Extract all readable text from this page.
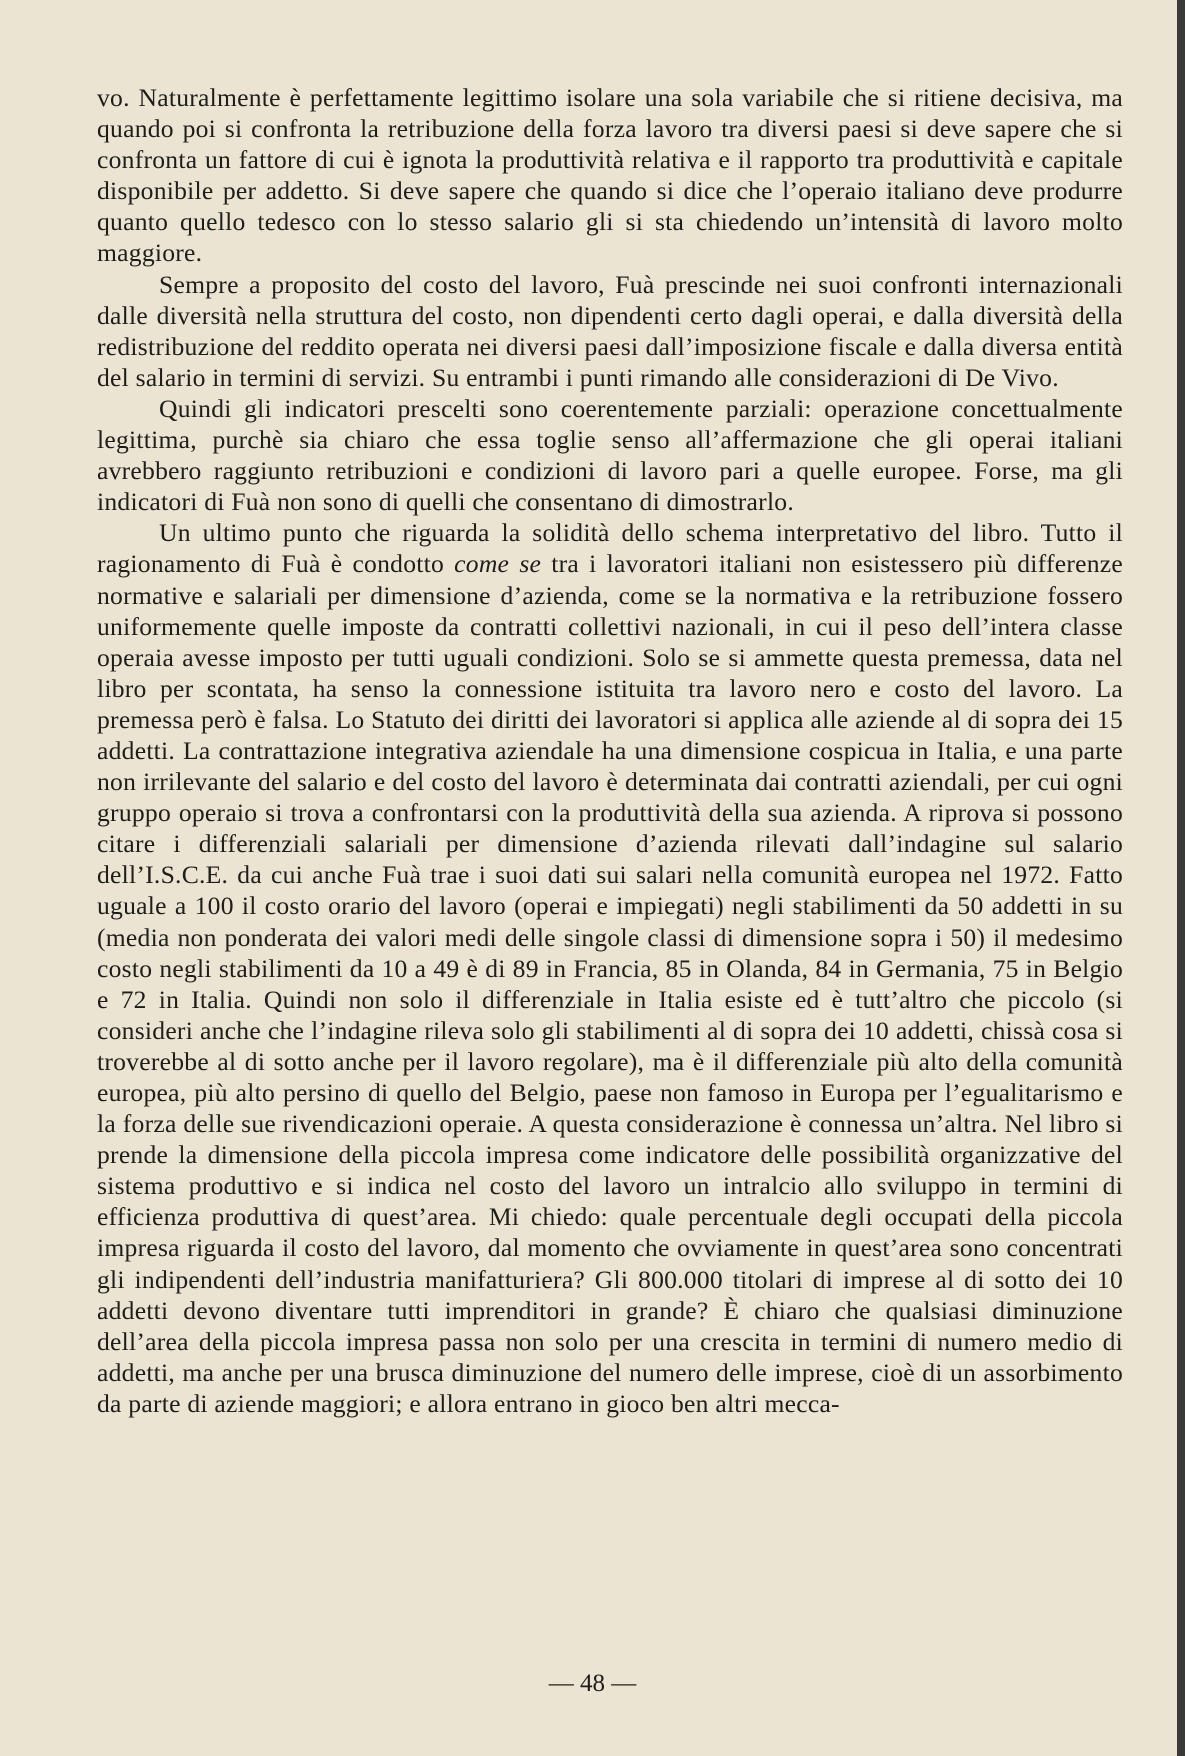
vo. Naturalmente è perfettamente legittimo isolare una sola variabile che si ritiene decisiva, ma quando poi si confronta la retribuzione della forza lavoro tra diversi paesi si deve sapere che si confronta un fattore di cui è ignota la produttività relativa e il rapporto tra produttività e capitale disponibile per addetto. Si deve sapere che quando si dice che l’operaio italiano deve produrre quanto quello tedesco con lo stesso salario gli si sta chiedendo un’intensità di lavoro molto maggiore.

Sempre a proposito del costo del lavoro, Fuà prescinde nei suoi confronti internazionali dalle diversità nella struttura del costo, non dipendenti certo dagli operai, e dalla diversità della redistribuzione del reddito operata nei diversi paesi dall’imposizione fiscale e dalla diversa entità del salario in termini di servizi. Su entrambi i punti rimando alle considerazioni di De Vivo.

Quindi gli indicatori prescelti sono coerentemente parziali: operazione concettualmente legittima, purchè sia chiaro che essa toglie senso all’affermazione che gli operai italiani avrebbero raggiunto retribuzioni e condizioni di lavoro pari a quelle europee. Forse, ma gli indicatori di Fuà non sono di quelli che consentano di dimostrarlo.

Un ultimo punto che riguarda la solidità dello schema interpretativo del libro. Tutto il ragionamento di Fuà è condotto come se tra i lavoratori italiani non esistessero più differenze normative e salariali per dimensione d’azienda, come se la normativa e la retribuzione fossero uniformemente quelle imposte da contratti collettivi nazionali, in cui il peso dell’intera classe operaia avesse imposto per tutti uguali condizioni. Solo se si ammette questa premessa, data nel libro per scontata, ha senso la connessione istituita tra lavoro nero e costo del lavoro. La premessa però è falsa. Lo Statuto dei diritti dei lavoratori si applica alle aziende al di sopra dei 15 addetti. La contrattazione integrativa aziendale ha una dimensione cospicua in Italia, e una parte non irrilevante del salario e del costo del lavoro è determinata dai contratti aziendali, per cui ogni gruppo operaio si trova a confrontarsi con la produttività della sua azienda. A riprova si possono citare i differenziali salariali per dimensione d’azienda rilevati dall’indagine sul salario dell’I.S.C.E. da cui anche Fuà trae i suoi dati sui salari nella comunità europea nel 1972. Fatto uguale a 100 il costo orario del lavoro (operai e impiegati) negli stabilimenti da 50 addetti in su (media non ponderata dei valori medi delle singole classi di dimensione sopra i 50) il medesimo costo negli stabilimenti da 10 a 49 è di 89 in Francia, 85 in Olanda, 84 in Germania, 75 in Belgio e 72 in Italia. Quindi non solo il differenziale in Italia esiste ed è tutt’altro che piccolo (si consideri anche che l’indagine rileva solo gli stabilimenti al di sopra dei 10 addetti, chissà cosa si troverebbe al di sotto anche per il lavoro regolare), ma è il differenziale più alto della comunità europea, più alto persino di quello del Belgio, paese non famoso in Europa per l’egualitarismo e la forza delle sue rivendicazioni operaie. A questa considerazione è connessa un’altra. Nel libro si prende la dimensione della piccola impresa come indicatore delle possibilità organizzative del sistema produttivo e si indica nel costo del lavoro un intralcio allo sviluppo in termini di efficienza produttiva di quest’area. Mi chiedo: quale percentuale degli occupati della piccola impresa riguarda il costo del lavoro, dal momento che ovviamente in quest’area sono concentrati gli indipendenti dell’industria manifatturiera? Gli 800.000 titolari di imprese al di sotto dei 10 addetti devono diventare tutti imprenditori in grande? È chiaro che qualsiasi diminuzione dell’area della piccola impresa passa non solo per una crescita in termini di numero medio di addetti, ma anche per una brusca diminuzione del numero delle imprese, cioè di un assorbimento da parte di aziende maggiori; e allora entrano in gioco ben altri mecca-

— 48 —
